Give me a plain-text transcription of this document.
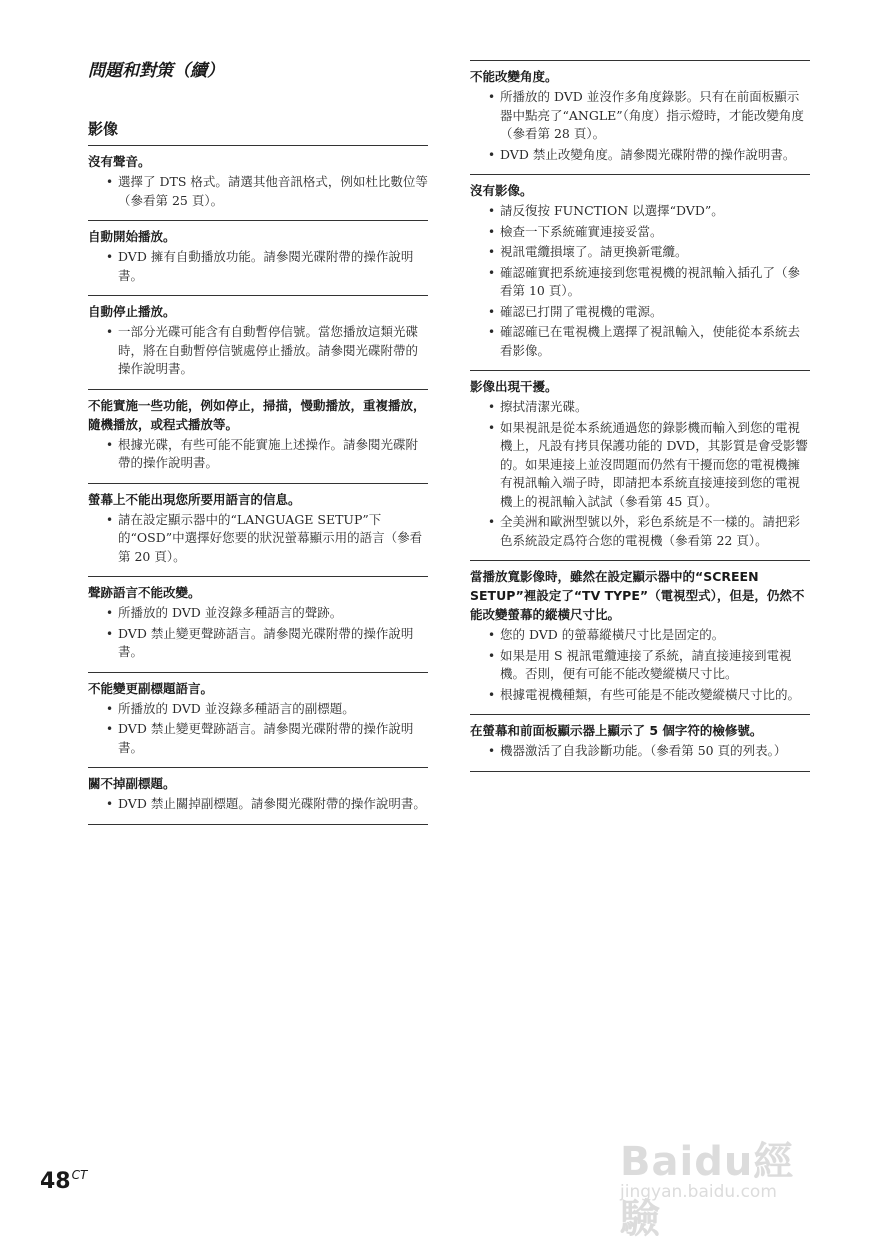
問題和對策（續）
影像
沒有聲音。
• 選擇了 DTS 格式。請選其他音訊格式，例如杜比數位等（參看第 25 頁）。
自動開始播放。
• DVD 擁有自動播放功能。請參閱光碟附帶的操作說明書。
自動停止播放。
• 一部分光碟可能含有自動暫停信號。當您播放這類光碟時，將在自動暫停信號處停止播放。請參閱光碟附帶的操作說明書。
不能實施一些功能，例如停止，掃描，慢動播放，重複播放，隨機播放，或程式播放等。
• 根據光碟，有些可能不能實施上述操作。請參閱光碟附帶的操作說明書。
螢幕上不能出現您所要用語言的信息。
• 請在設定顯示器中的“LANGUAGE SETUP”下的“OSD”中選擇好您要的狀況螢幕顯示用的語言（參看第 20 頁）。
聲跡語言不能改變。
• 所播放的 DVD 並沒錄多種語言的聲跡。
• DVD 禁止變更聲跡語言。請參閱光碟附帶的操作說明書。
不能變更副標題語言。
• 所播放的 DVD 並沒錄多種語言的副標題。
• DVD 禁止變更聲跡語言。請參閱光碟附帶的操作說明書。
關不掉副標題。
• DVD 禁止關掉副標題。請參閱光碟附帶的操作說明書。
不能改變角度。
• 所播放的 DVD 並沒作多角度錄影。只有在前面板顯示器中點亮了“ANGLE”（角度）指示燈時，才能改變角度（參看第 28 頁）。
• DVD 禁止改變角度。請參閱光碟附帶的操作說明書。
沒有影像。
• 請反復按 FUNCTION 以選擇“DVD”。
• 檢查一下系統確實連接妥當。
• 視訊電纜損壞了。請更換新電纜。
• 確認確實把系統連接到您電視機的視訊輸入插孔了（參看第 10 頁）。
• 確認已打開了電視機的電源。
• 確認確已在電視機上選擇了視訊輸入，使能從本系統去看影像。
影像出現干擾。
• 擦拭清潔光碟。
• 如果視訊是從本系統通過您的錄影機而輸入到您的電視機上，凡設有拷貝保護功能的 DVD，其影質是會受影響的。如果連接上並沒問題而仍然有干擾而您的電視機擁有視訊輸入端子時，即請把本系統直接連接到您的電視機上的視訊輸入試試（參看第 45 頁）。
• 全美洲和歐洲型號以外，彩色系統是不一樣的。請把彩色系統設定爲符合您的電視機（參看第 22 頁）。
當播放寬影像時，雖然在設定顯示器中的“SCREEN SETUP”裡設定了“TV TYPE”（電視型式），但是，仍然不能改變螢幕的縱橫尺寸比。
• 您的 DVD 的螢幕縱橫尺寸比是固定的。
• 如果是用 S 視訊電纜連接了系統，請直接連接到電視機。否則，便有可能不能改變縱橫尺寸比。
• 根據電視機種類，有些可能是不能改變縱橫尺寸比的。
在螢幕和前面板顯示器上顯示了 5 個字符的檢修號。
• 機器激活了自我診斷功能。（參看第 50 頁的列表。）
$48^{CT}$	Baidu經驗
jingyan.baidu.com
